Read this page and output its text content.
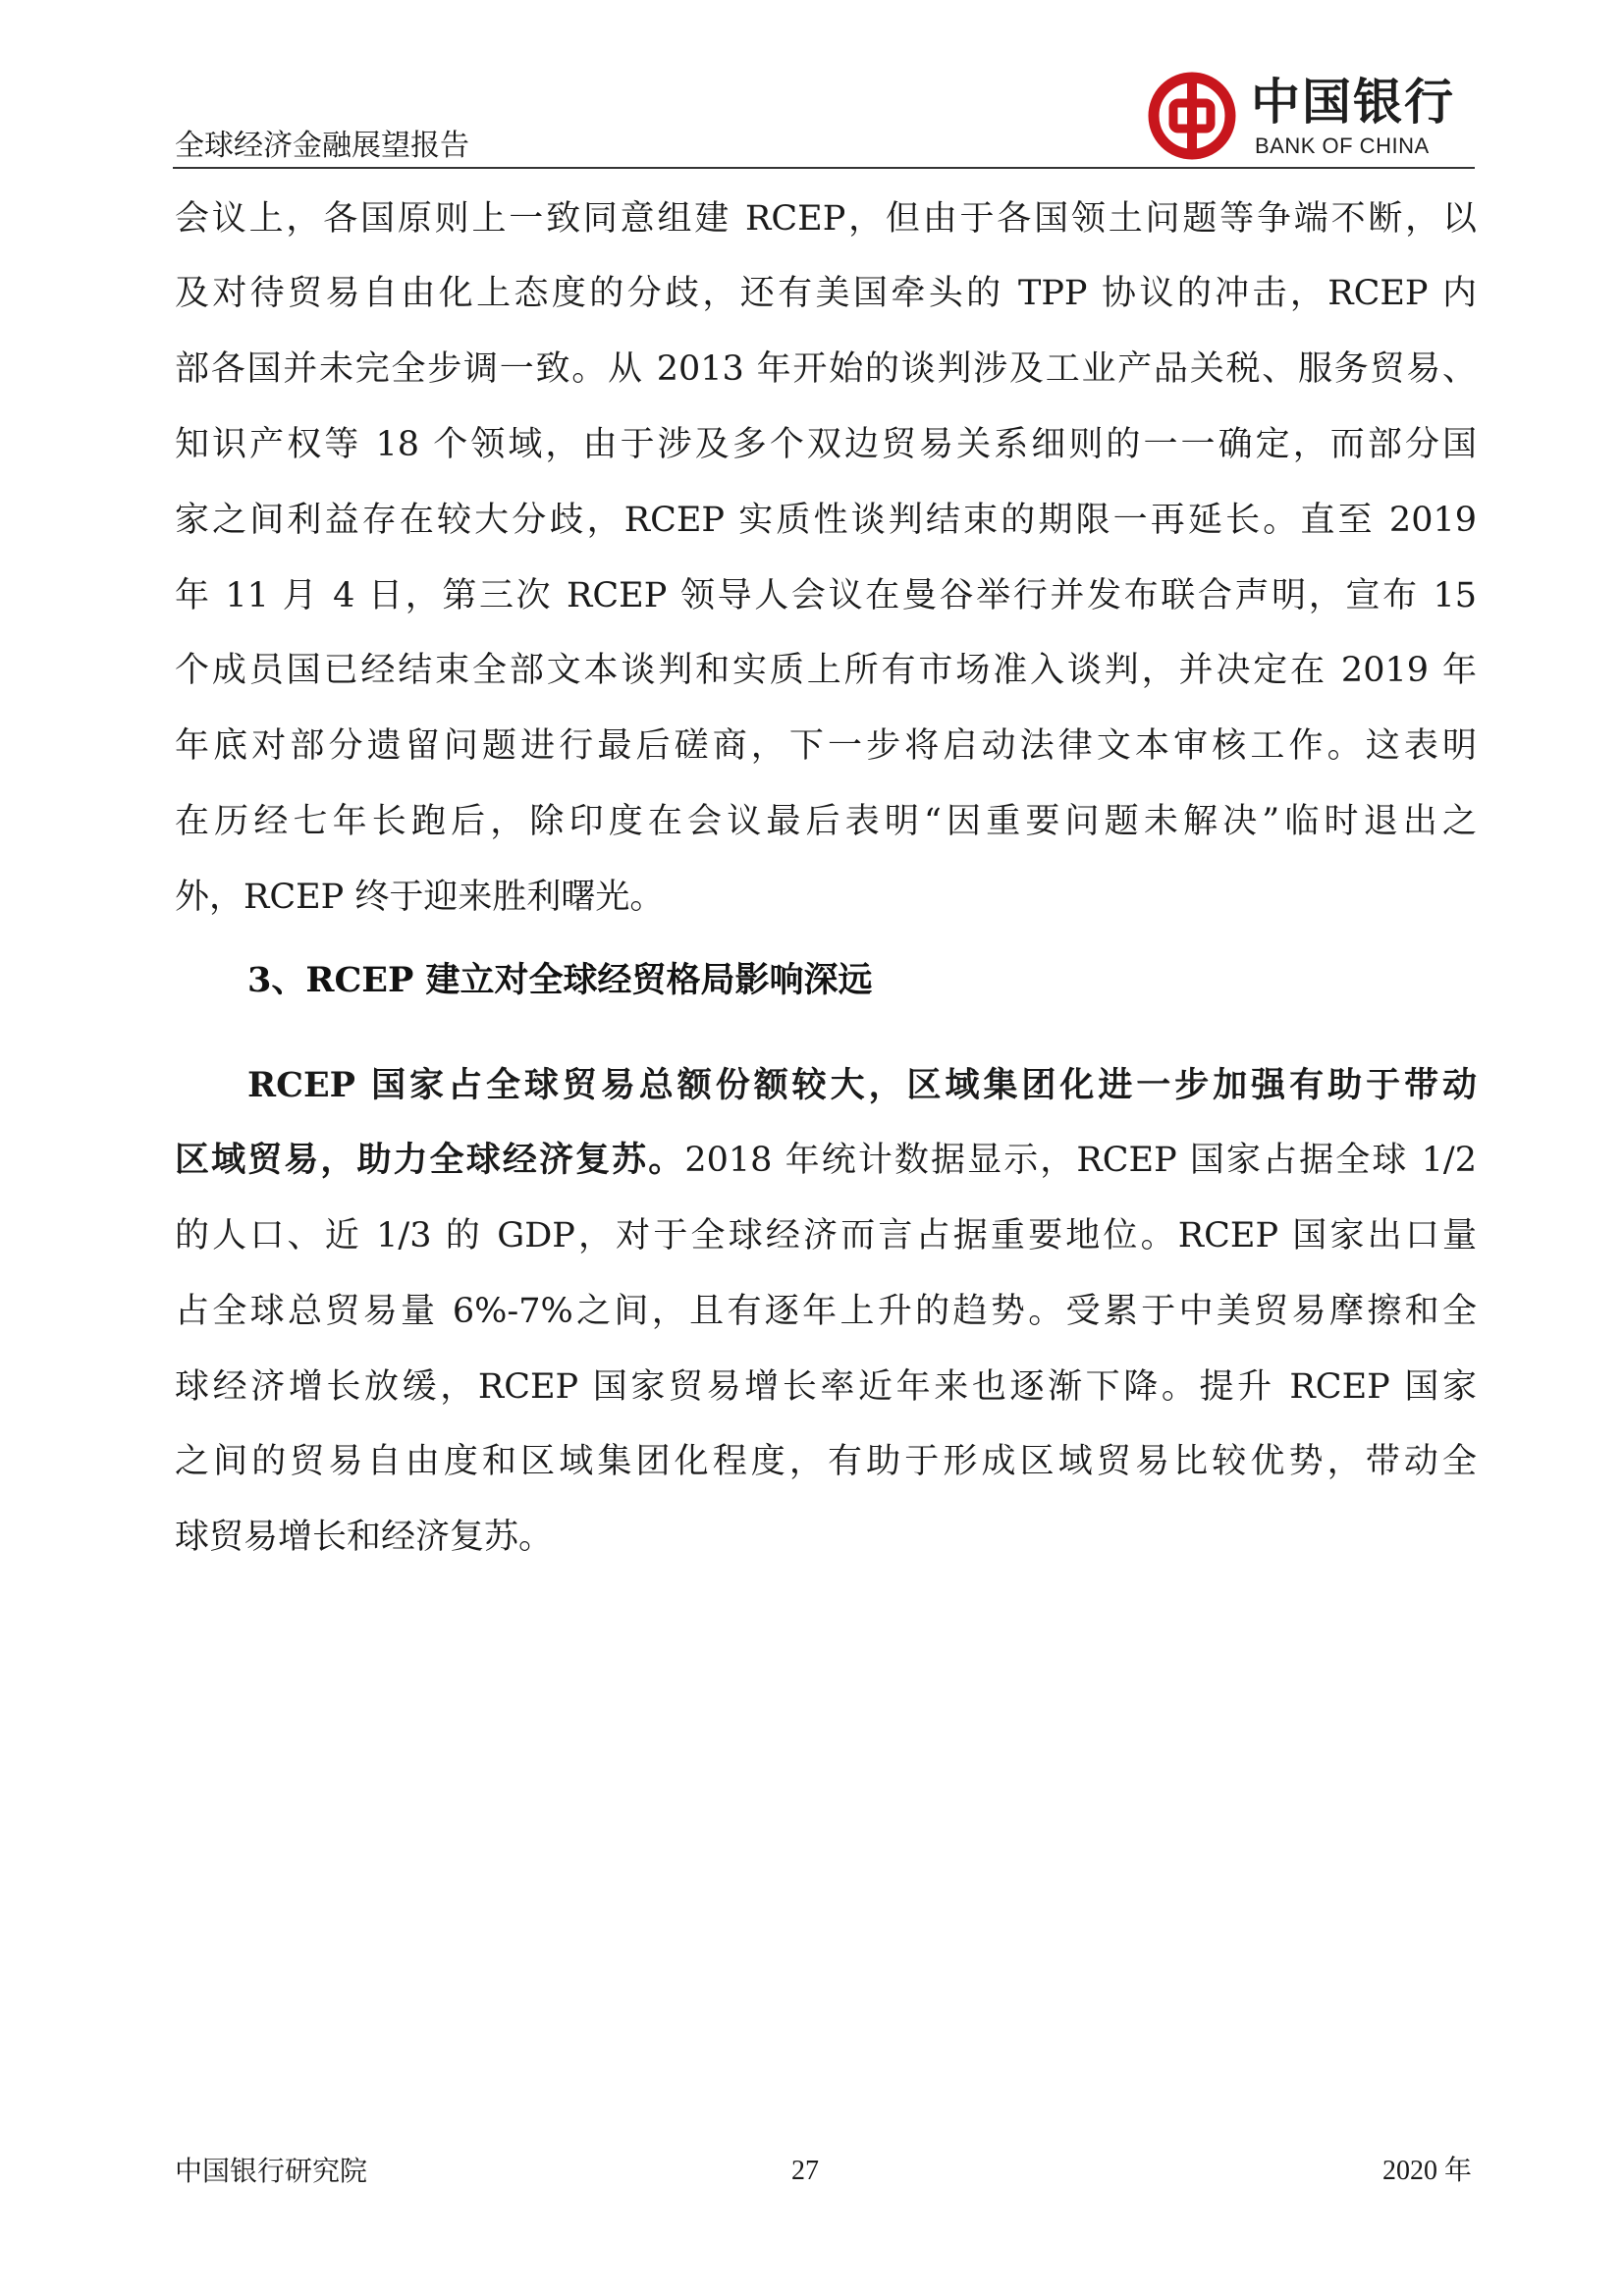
全球经济金融展望报告
中国银行
BANK OF CHINA
会议上，各国原则上一致同意组建 RCEP，但由于各国领土问题等争端不断，以
及对待贸易自由化上态度的分歧，还有美国牵头的 TPP 协议的冲击，RCEP 内
部各国并未完全步调一致。从 2013 年开始的谈判涉及工业产品关税、服务贸易、
知识产权等 18 个领域，由于涉及多个双边贸易关系细则的一一确定，而部分国
家之间利益存在较大分歧，RCEP 实质性谈判结束的期限一再延长。直至 2019
年 11 月 4 日，第三次 RCEP 领导人会议在曼谷举行并发布联合声明，宣布 15
个成员国已经结束全部文本谈判和实质上所有市场准入谈判，并决定在 2019 年
年底对部分遗留问题进行最后磋商，下一步将启动法律文本审核工作。这表明
在历经七年长跑后，除印度在会议最后表明“因重要问题未解决”临时退出之
外，RCEP 终于迎来胜利曙光。
3、RCEP 建立对全球经贸格局影响深远
RCEP 国家占全球贸易总额份额较大，区域集团化进一步加强有助于带动
区域贸易，助力全球经济复苏。2018 年统计数据显示，RCEP 国家占据全球 1/2
的人口、近 1/3 的 GDP，对于全球经济而言占据重要地位。RCEP 国家出口量
占全球总贸易量 6%-7%之间，且有逐年上升的趋势。受累于中美贸易摩擦和全
球经济增长放缓，RCEP 国家贸易增长率近年来也逐渐下降。提升 RCEP 国家
之间的贸易自由度和区域集团化程度，有助于形成区域贸易比较优势，带动全
球贸易增长和经济复苏。
中国银行研究院	27	2020 年
